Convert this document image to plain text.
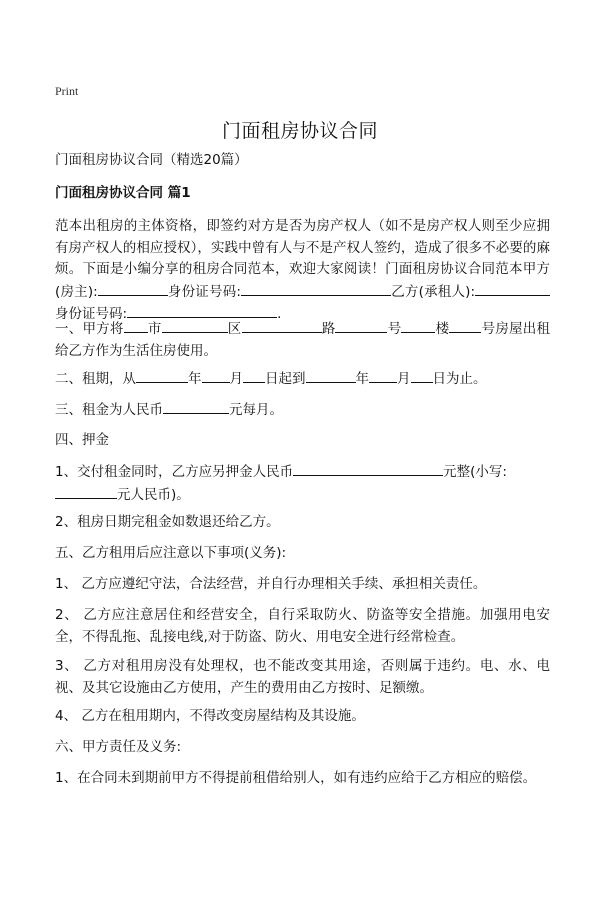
Print
门面租房协议合同
门面租房协议合同（精选20篇）
门面租房协议合同 篇1
范本出租房的主体资格，即签约对方是否为房产权人（如不是房产权人则至少应拥有房产权人的相应授权），实践中曾有人与不是产权人签约，造成了很多不必要的麻烦。下面是小编分享的租房合同范本，欢迎大家阅读！门面租房协议合同范本甲方(房主):	身份证号码:	乙方(承租人):身份证号码:	.
一、甲方将 市	区	路	号	楼 号房屋出租给乙方作为生活住房使用。
二、租期，从	年 月 日起到	年 月 日为止。
三、租金为人民币	元每月。
四、押金
1、交付租金同时，乙方应另押金人民币	元整(小写:
元人民币)。
2、租房日期完租金如数退还给乙方。
五、乙方租用后应注意以下事项(义务):
1、 乙方应遵纪守法，合法经营，并自行办理相关手续、承担相关责任。
2、 乙方应注意居住和经营安全，自行采取防火、防盗等安全措施。加强用电安全，不得乱拖、乱接电线,对于防盗、防火、用电安全进行经常检查。
3、 乙方对租用房没有处理权，也不能改变其用途，否则属于违约。电、水、电视、及其它设施由乙方使用，产生的费用由乙方按时、足额缴。
4、 乙方在租用期内，不得改变房屋结构及其设施。
六、甲方责任及义务:
1、在合同未到期前甲方不得提前租借给别人，如有违约应给于乙方相应的赔偿。
